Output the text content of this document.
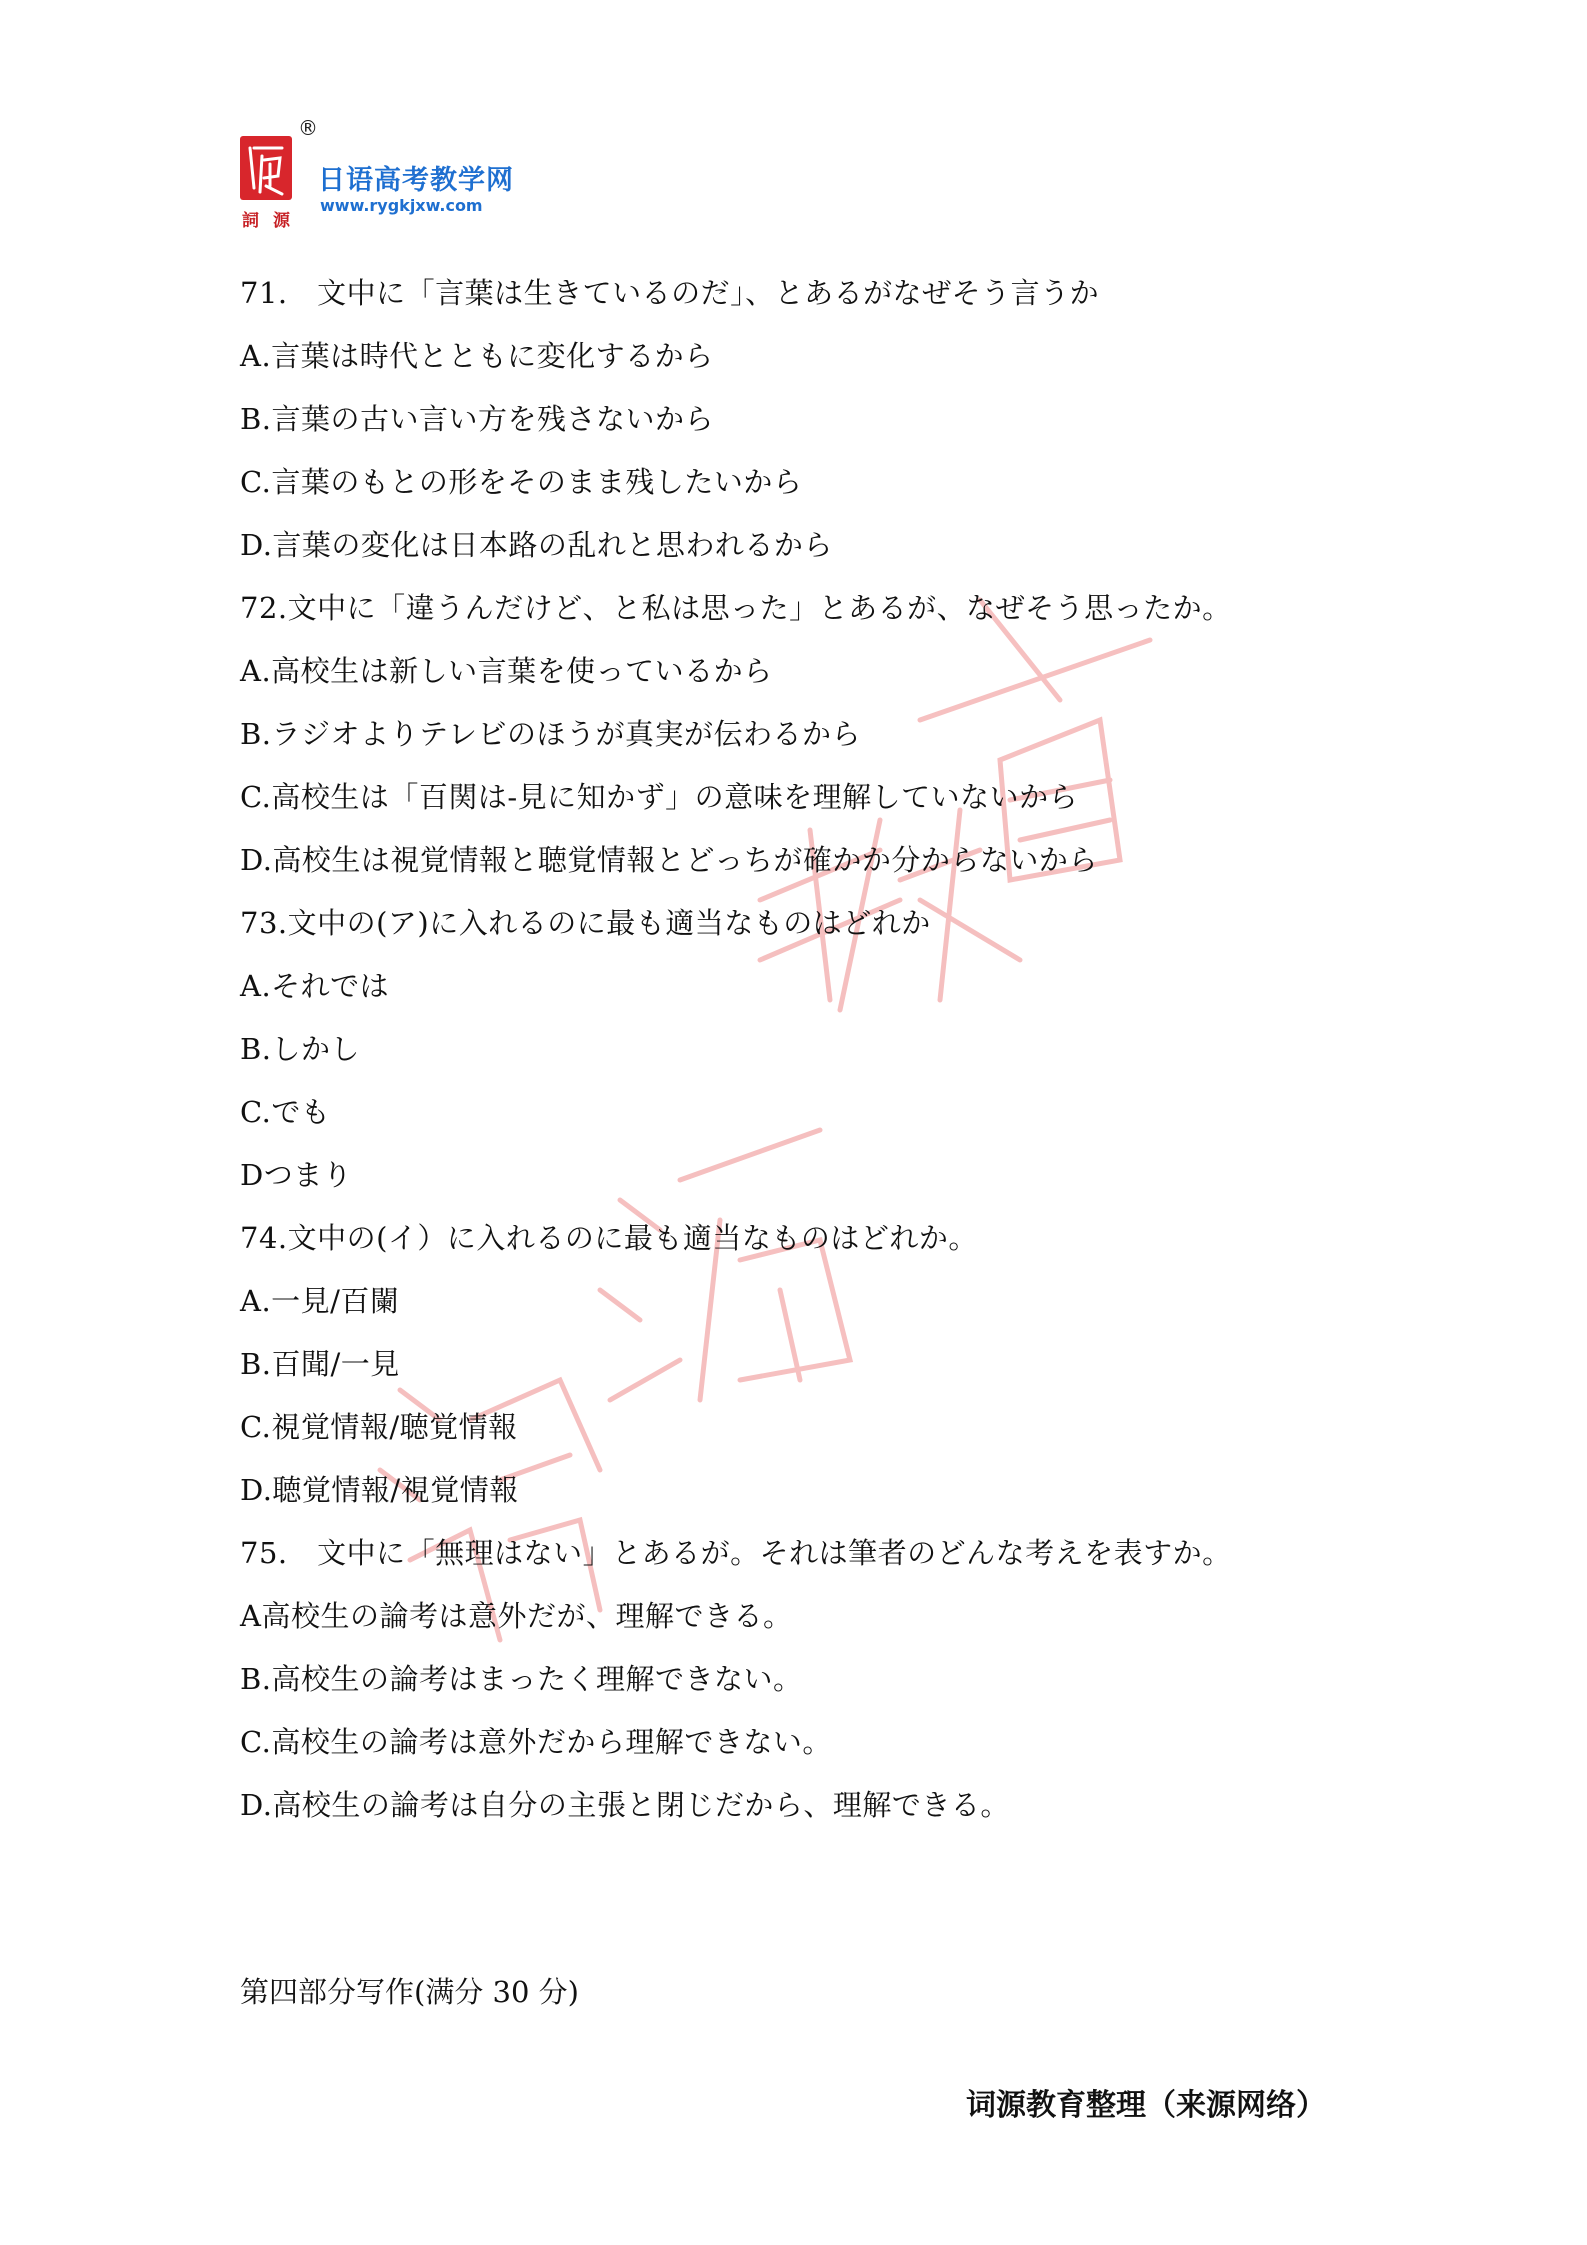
®
詞 源
日语高考教学网
www.rygkjxw.com
71.　文中に「言葉は生きているのだ」、とあるがなぜそう言うか
A.言葉は時代とともに変化するから
B.言葉の古い言い方を残さないから
C.言葉のもとの形をそのまま残したいから
D.言葉の変化は日本路の乱れと思われるから
72.文中に「違うんだけど、と私は思った」とあるが、なぜそう思ったか。
A.高校生は新しい言葉を使っているから
B.ラジオよりテレビのほうが真実が伝わるから
C.高校生は「百関は-見に知かず」の意味を理解していないから
D.高校生は視覚情報と聴覚情報とどっちが確かか分からないから
73.文中の(ア)に入れるのに最も適当なものはどれか
A.それでは
B.しかし
C.でも
Dつまり
74.文中の(イ）に入れるのに最も適当なものはどれか。
A.一見/百闌
B.百聞/一見
C.視覚情報/聴覚情報
D.聴覚情報/視覚情報
75.　文中に「無理はない」とあるが。それは筆者のどんな考えを表すか。
A高校生の論考は意外だが、理解できる。
B.高校生の論考はまったく理解できない。
C.高校生の論考は意外だから理解できない。
D.高校生の論考は自分の主張と閉じだから、理解できる。
第四部分写作(满分 30 分)
词源教育整理（来源网络）
